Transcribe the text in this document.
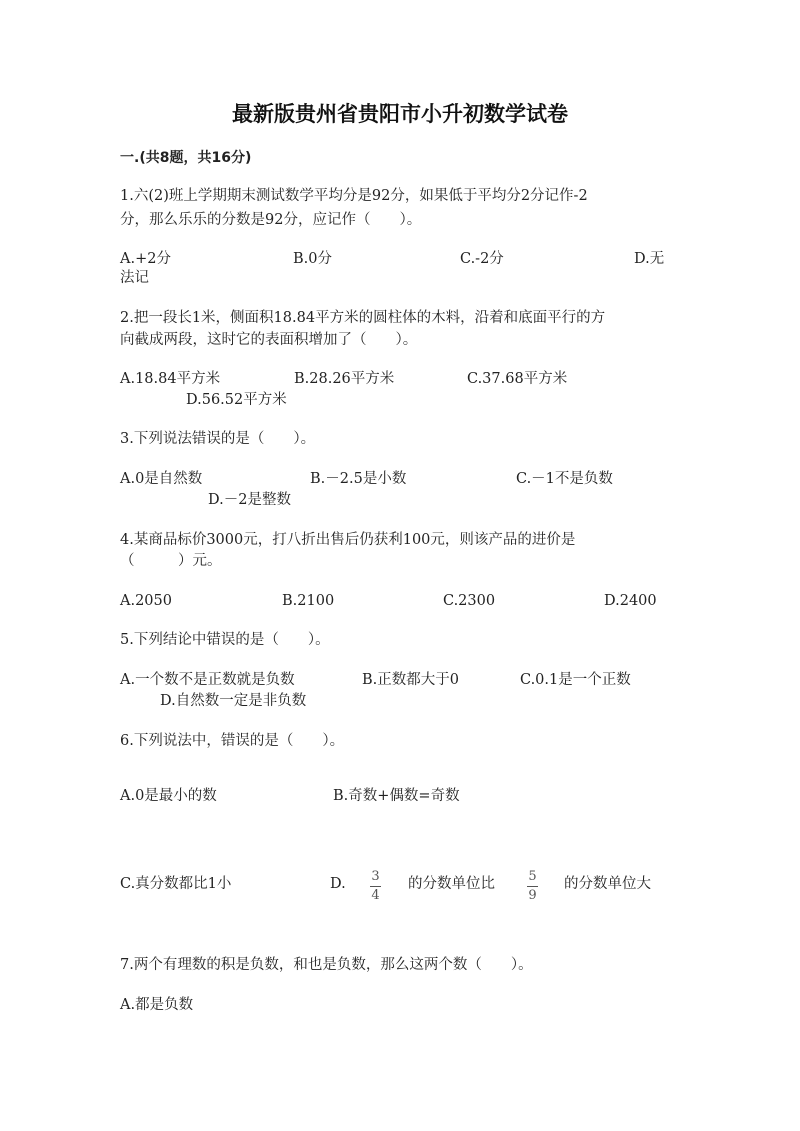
最新版贵州省贵阳市小升初数学试卷
一.(共8题，共16分)
1.六(2)班上学期期末测试数学平均分是92分，如果低于平均分2分记作-2
分，那么乐乐的分数是92分，应记作（　　）。
A.+2分	B.0分	C.-2分	D.无
法记
2.把一段长1米，侧面积18.84平方米的圆柱体的木料，沿着和底面平行的方
向截成两段，这时它的表面积增加了（　　）。
A.18.84平方米	B.28.26平方米	C.37.68平方米
D.56.52平方米
3.下列说法错误的是（　　）。
A.0是自然数	B.－2.5是小数	C.－1不是负数
D.－2是整数
4.某商品标价3000元，打八折出售后仍获利100元，则该产品的进价是
（　　　）元。
A.2050	B.2100	C.2300	D.2400
5.下列结论中错误的是（　　）。
A.一个数不是正数就是负数	B.正数都大于0	C.0.1是一个正数
D.自然数一定是非负数
6.下列说法中，错误的是（　　）。
A.0是最小的数	B.奇数+偶数=奇数
C.真分数都比1小	D. 3
4
的分数单位比	5
9
的分数单位大
7.两个有理数的积是负数，和也是负数，那么这两个数（　　）。
A.都是负数
